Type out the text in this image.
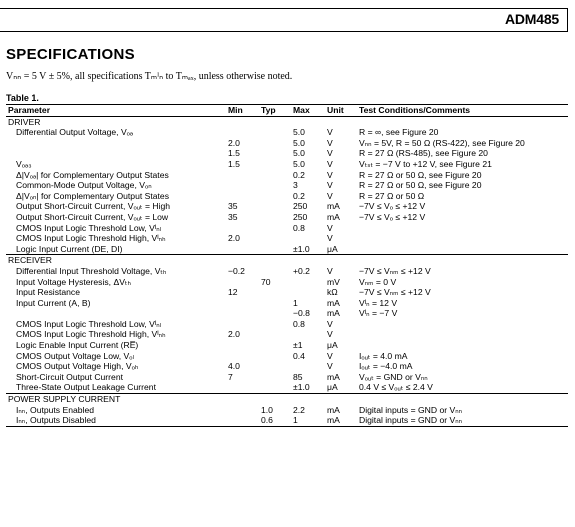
ADM485
SPECIFICATIONS
Vₙₙ = 5 V ± 5%, all specifications Tₘᴵₙ to Tₘₐₓ, unless otherwise noted.
Table 1.
Parameter	Min	Typ	Max	Unit	Test Conditions/Comments
DRIVER					
Differential Output Voltage, Vₒₔ			5.0	V	R = ∞, see Figure 20
	2.0		5.0	V	Vₙₙ = 5V, R = 50 Ω (RS-422), see Figure 20
	1.5		5.0	V	R = 27 Ω (RS-485), see Figure 20
Vₒₔ₃	1.5		5.0	V	Vₜₛₜ = −7 V to +12 V, see Figure 21
Δ|Vₒₔ| for Complementary Output States			0.2	V	R = 27 Ω or 50 Ω, see Figure 20
Common-Mode Output Voltage, Vₒₙ			3	V	R = 27 Ω or 50 Ω, see Figure 20
Δ|Vₒₙ| for Complementary Output States			0.2	V	R = 27 Ω or 50 Ω
Output Short-Circuit Current, Vₒᵤₜ = High	35		250	mA	−7V ≤ Vₒ ≤ +12 V
Output Short-Circuit Current, Vₒᵤₜ = Low	35		250	mA	−7V ≤ Vₒ ≤ +12 V
CMOS Input Logic Threshold Low, Vᴵₙₗ			0.8	V	
CMOS Input Logic Threshold High, Vᴵₙₕ	2.0			V	
Logic Input Current (DE, DI)			±1.0	μA	
RECEIVER					
Differential Input Threshold Voltage, Vₜₕ	−0.2		+0.2	V	−7V ≤ Vₙₘ ≤ +12 V
Input Voltage Hysteresis, ΔVₜₕ		70		mV	Vₙₘ = 0 V
Input Resistance	12			kΩ	−7V ≤ Vₙₘ ≤ +12 V
Input Current (A, B)			1	mA	Vᴵₙ = 12 V
			−0.8	mA	Vᴵₙ = −7 V
CMOS Input Logic Threshold Low, Vᴵₙₗ			0.8	V	
CMOS Input Logic Threshold High, Vᴵₙₕ	2.0			V	
Logic Enable Input Current (RE̅)			±1	μA	
CMOS Output Voltage Low, Vₒₗ			0.4	V	Iₒᵤₜ = 4.0 mA
CMOS Output Voltage High, Vₒₕ	4.0			V	Iₒᵤₜ = −4.0 mA
Short-Circuit Output Current	7		85	mA	Vₒᵤₜ = GND or Vₙₙ
Three-State Output Leakage Current			±1.0	μA	0.4 V ≤ Vₒᵤₜ ≤ 2.4 V
POWER SUPPLY CURRENT					
Iₙₙ, Outputs Enabled		1.0	2.2	mA	Digital inputs = GND or Vₙₙ
Iₙₙ, Outputs Disabled		0.6	1	mA	Digital inputs = GND or Vₙₙ
